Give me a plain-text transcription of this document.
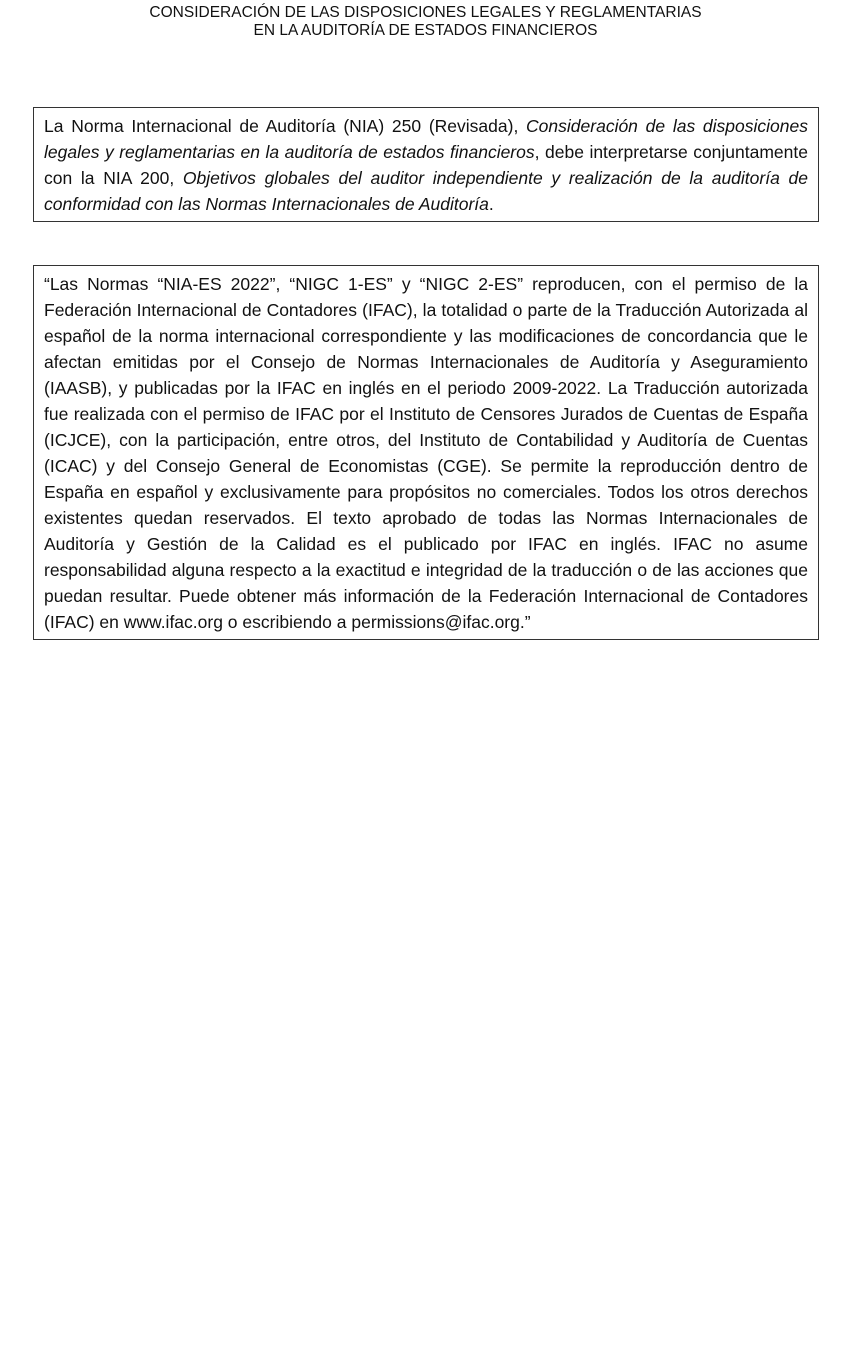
CONSIDERACIÓN DE LAS DISPOSICIONES LEGALES Y REGLAMENTARIAS
EN LA AUDITORÍA DE ESTADOS FINANCIEROS

La Norma Internacional de Auditoría (NIA) 250 (Revisada), Consideración de las disposiciones legales y reglamentarias en la auditoría de estados financieros, debe interpretarse conjuntamente con la NIA 200, Objetivos globales del auditor independiente y realización de la auditoría de conformidad con las Normas Internacionales de Auditoría.

“Las Normas “NIA-ES 2022”, “NIGC 1-ES” y “NIGC 2-ES” reproducen, con el permiso de la Federación Internacional de Contadores (IFAC), la totalidad o parte de la Traducción Autorizada al español de la norma internacional correspondiente y las modificaciones de concordancia que le afectan emitidas por el Consejo de Normas Internacionales de Auditoría y Aseguramiento (IAASB), y publicadas por la IFAC en inglés en el periodo 2009-2022. La Traducción autorizada fue realizada con el permiso de IFAC por el Instituto de Censores Jurados de Cuentas de España (ICJCE), con la participación, entre otros, del Instituto de Contabilidad y Auditoría de Cuentas (ICAC) y del Consejo General de Economistas (CGE). Se permite la reproducción dentro de España en español y exclusivamente para propósitos no comerciales. Todos los otros derechos existentes quedan reservados. El texto aprobado de todas las Normas Internacionales de Auditoría y Gestión de la Calidad es el publicado por IFAC en inglés. IFAC no asume responsabilidad alguna respecto a la exactitud e integridad de la traducción o de las acciones que puedan resultar. Puede obtener más información de la Federación Internacional de Contadores (IFAC) en www.ifac.org o escribiendo a permissions@ifac.org.”
